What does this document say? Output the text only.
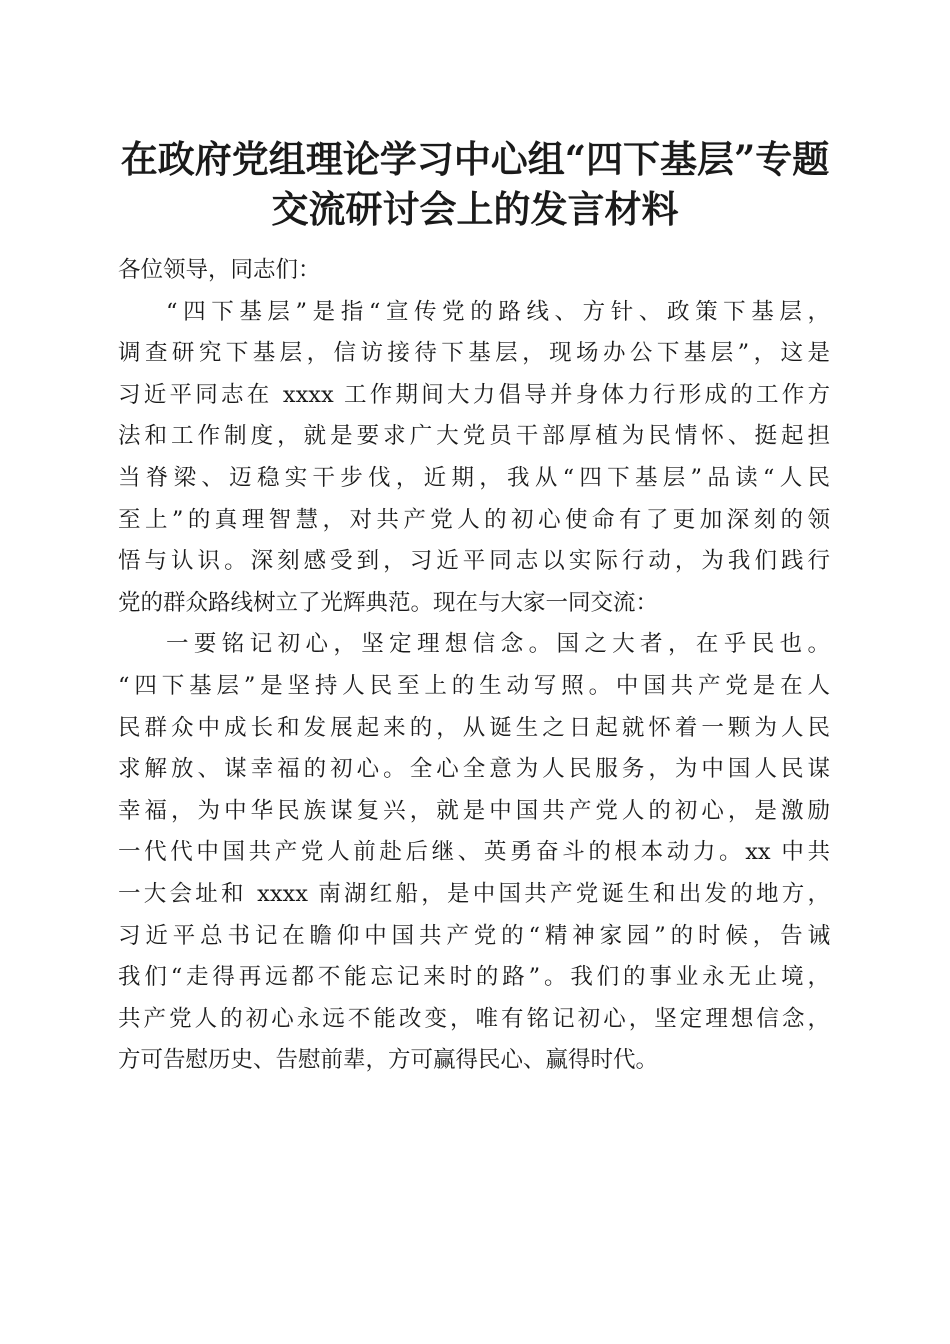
在政府党组理论学习中心组“四下基层”专题
交流研讨会上的发言材料
各位领导，同志们：
“四下基层”是指“宣传党的路线、方针、政策下基层，
调查研究下基层，信访接待下基层，现场办公下基层”，这是
习近平同志在 xxxx 工作期间大力倡导并身体力行形成的工作方
法和工作制度，就是要求广大党员干部厚植为民情怀、挺起担
当脊梁、迈稳实干步伐，近期，我从“四下基层”品读“人民
至上”的真理智慧，对共产党人的初心使命有了更加深刻的领
悟与认识。深刻感受到，习近平同志以实际行动，为我们践行
党的群众路线树立了光辉典范。现在与大家一同交流：
一要铭记初心，坚定理想信念。国之大者，在乎民也。
“四下基层”是坚持人民至上的生动写照。中国共产党是在人
民群众中成长和发展起来的，从诞生之日起就怀着一颗为人民
求解放、谋幸福的初心。全心全意为人民服务，为中国人民谋
幸福，为中华民族谋复兴，就是中国共产党人的初心，是激励
一代代中国共产党人前赴后继、英勇奋斗的根本动力。xx 中共
一大会址和 xxxx 南湖红船，是中国共产党诞生和出发的地方，
习近平总书记在瞻仰中国共产党的“精神家园”的时候，告诫
我们“走得再远都不能忘记来时的路”。我们的事业永无止境，
共产党人的初心永远不能改变，唯有铭记初心，坚定理想信念，
方可告慰历史、告慰前辈，方可赢得民心、赢得时代。
